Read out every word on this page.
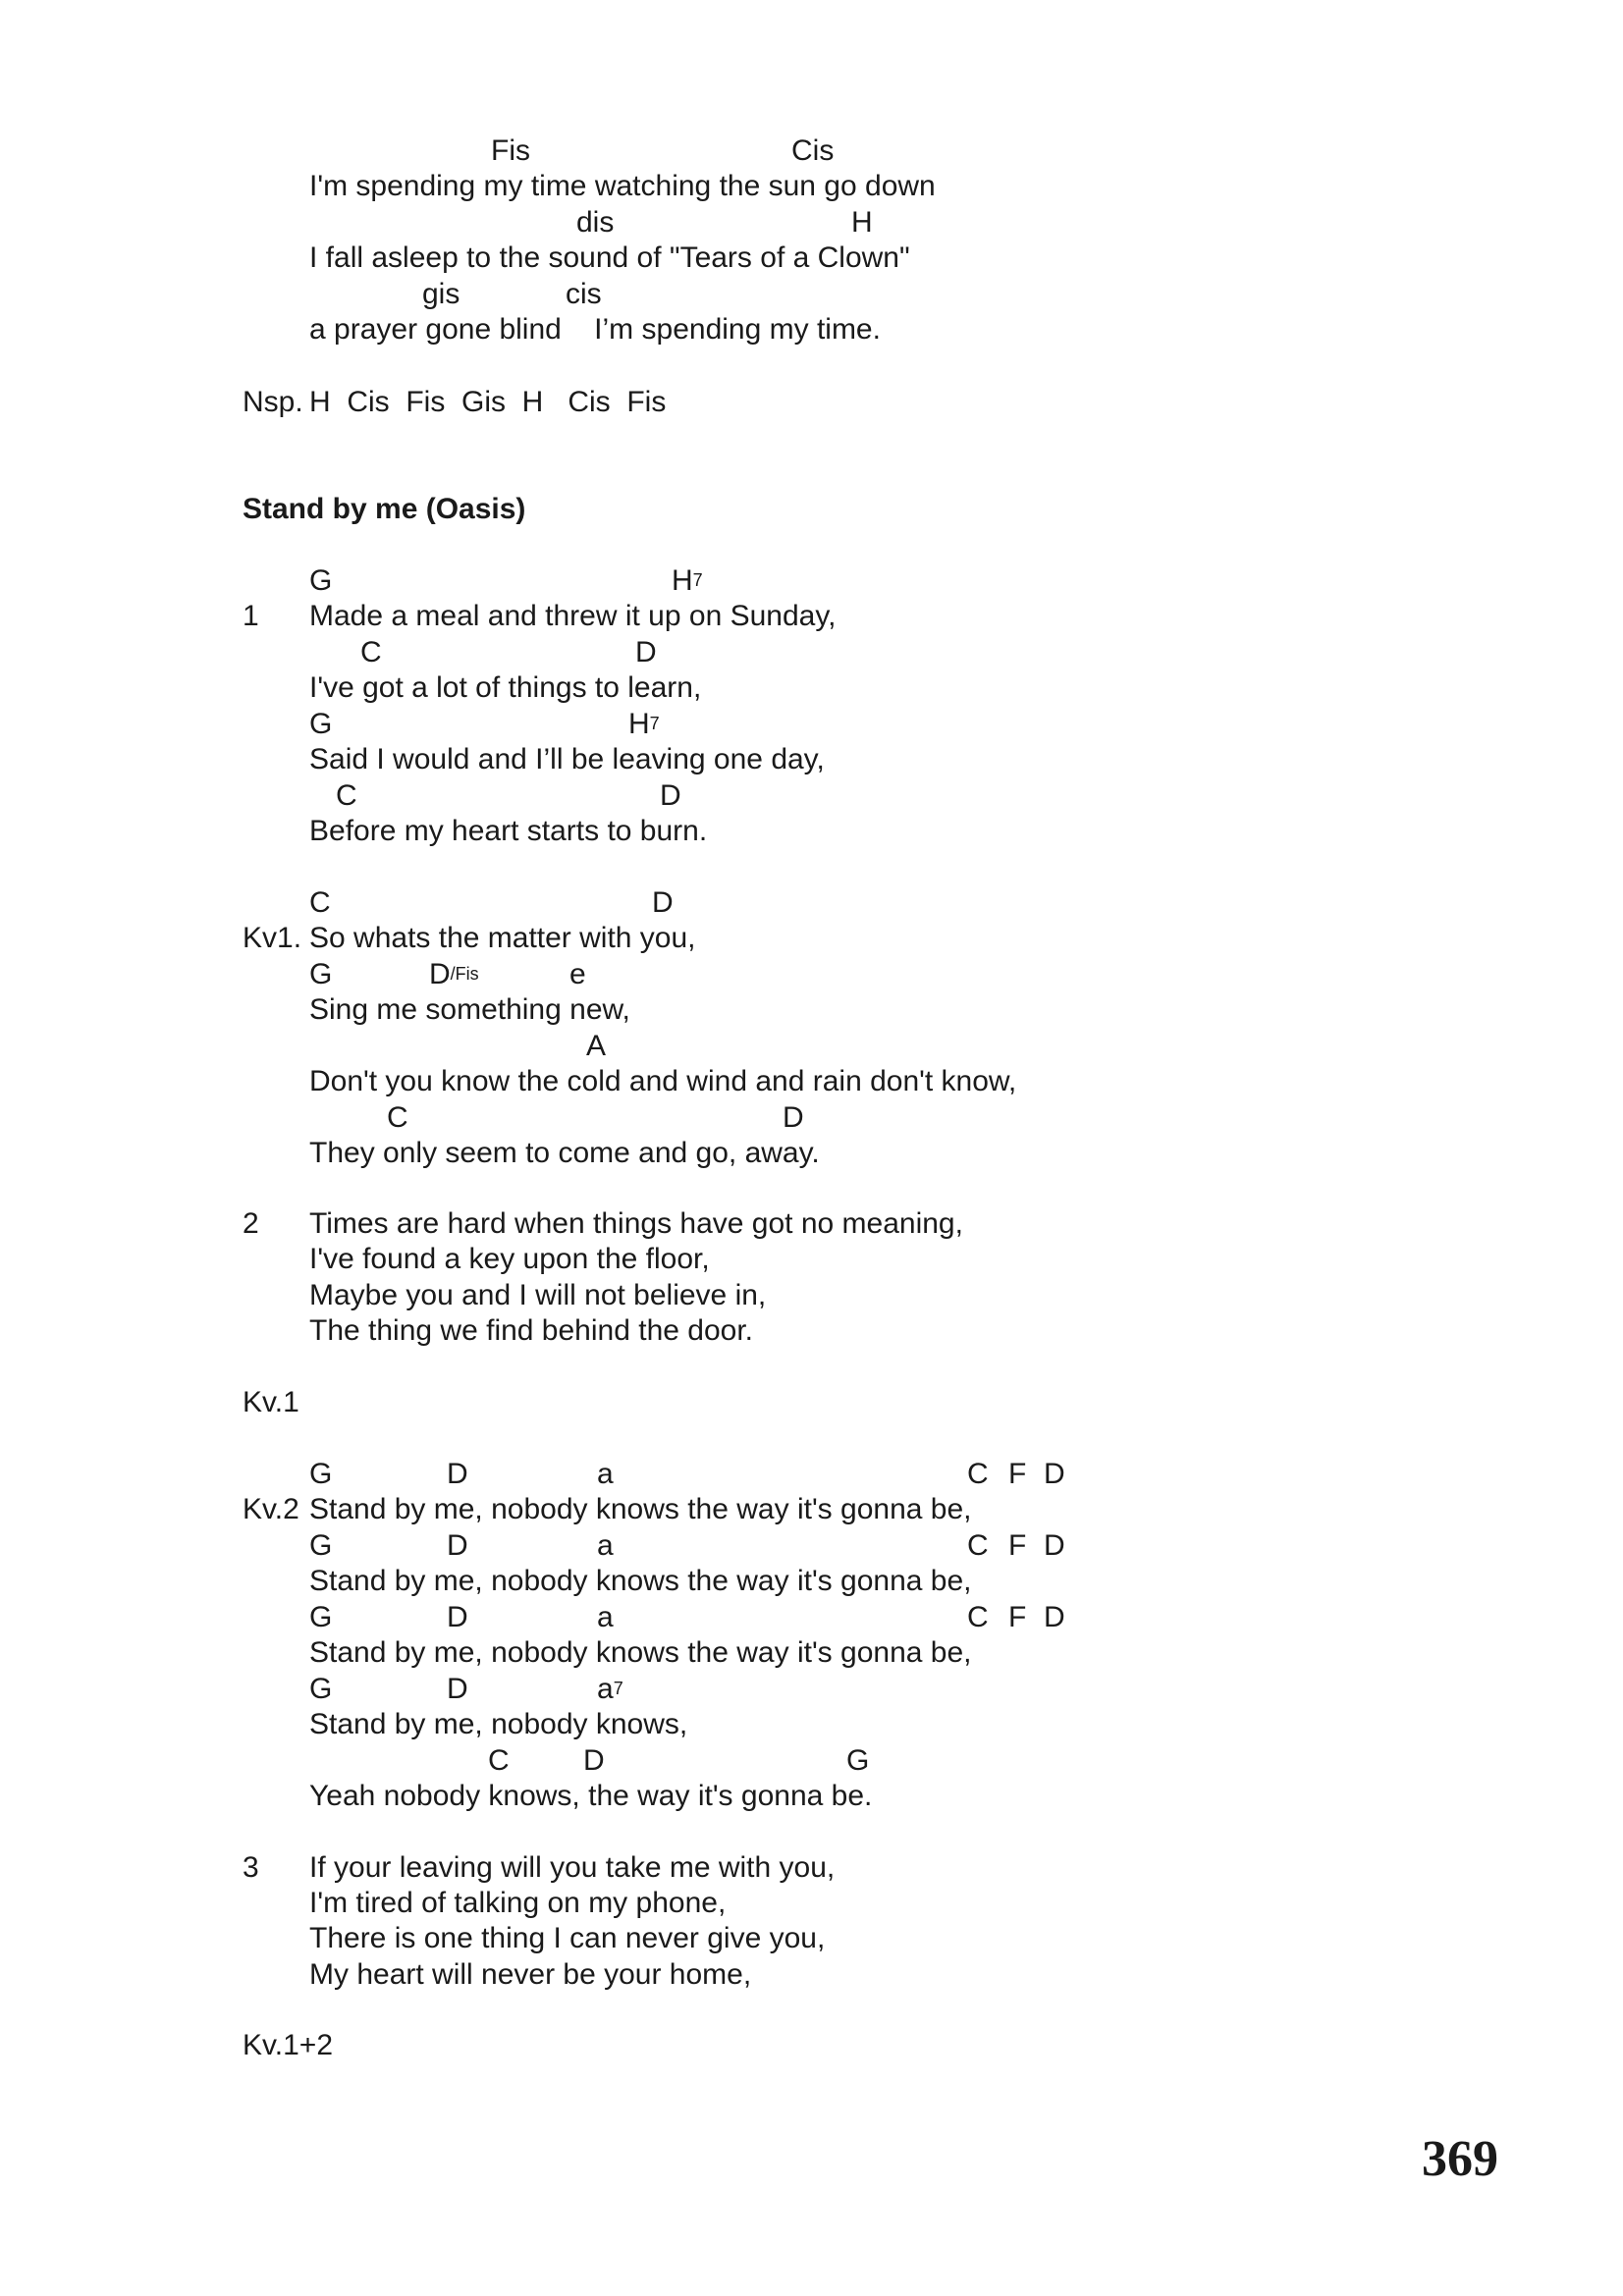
Fis	Cis
I'm spending my time watching the sun go down
dis	H
I fall asleep to the sound of "Tears of a Clown"
gis	cis
a prayer gone blind    I’m spending my time.
Nsp. H  Cis  Fis  Gis  H   Cis  Fis
Stand by me (Oasis)
G	$H^7$
1 Made a meal and threw it up on Sunday,
C	D
I've got a lot of things to learn,
G	$H^7$
Said I would and I’ll be leaving one day,
C	D
Before my heart starts to burn.
C	D
Kv1. So whats the matter with you,
G	$D^{/Fis}$	e
Sing me something new,
A
Don't you know the cold and wind and rain don't know,
C	D
They only seem to come and go, away.
2 Times are hard when things have got no meaning,
I've found a key upon the floor,
Maybe you and I will not believe in,
The thing we find behind the door.
Kv.1
G	D	a	C F D
Kv.2 Stand by me, nobody knows the way it's gonna be,
G	D	a	C F D
Stand by me, nobody knows the way it's gonna be,
G	D	a	C F D
Stand by me, nobody knows the way it's gonna be,
G	D	$a^7$
Stand by me, nobody knows,
C	D	G
Yeah nobody knows, the way it's gonna be.
3 If your leaving will you take me with you,
I'm tired of talking on my phone,
There is one thing I can never give you,
My heart will never be your home,
Kv.1+2
369
